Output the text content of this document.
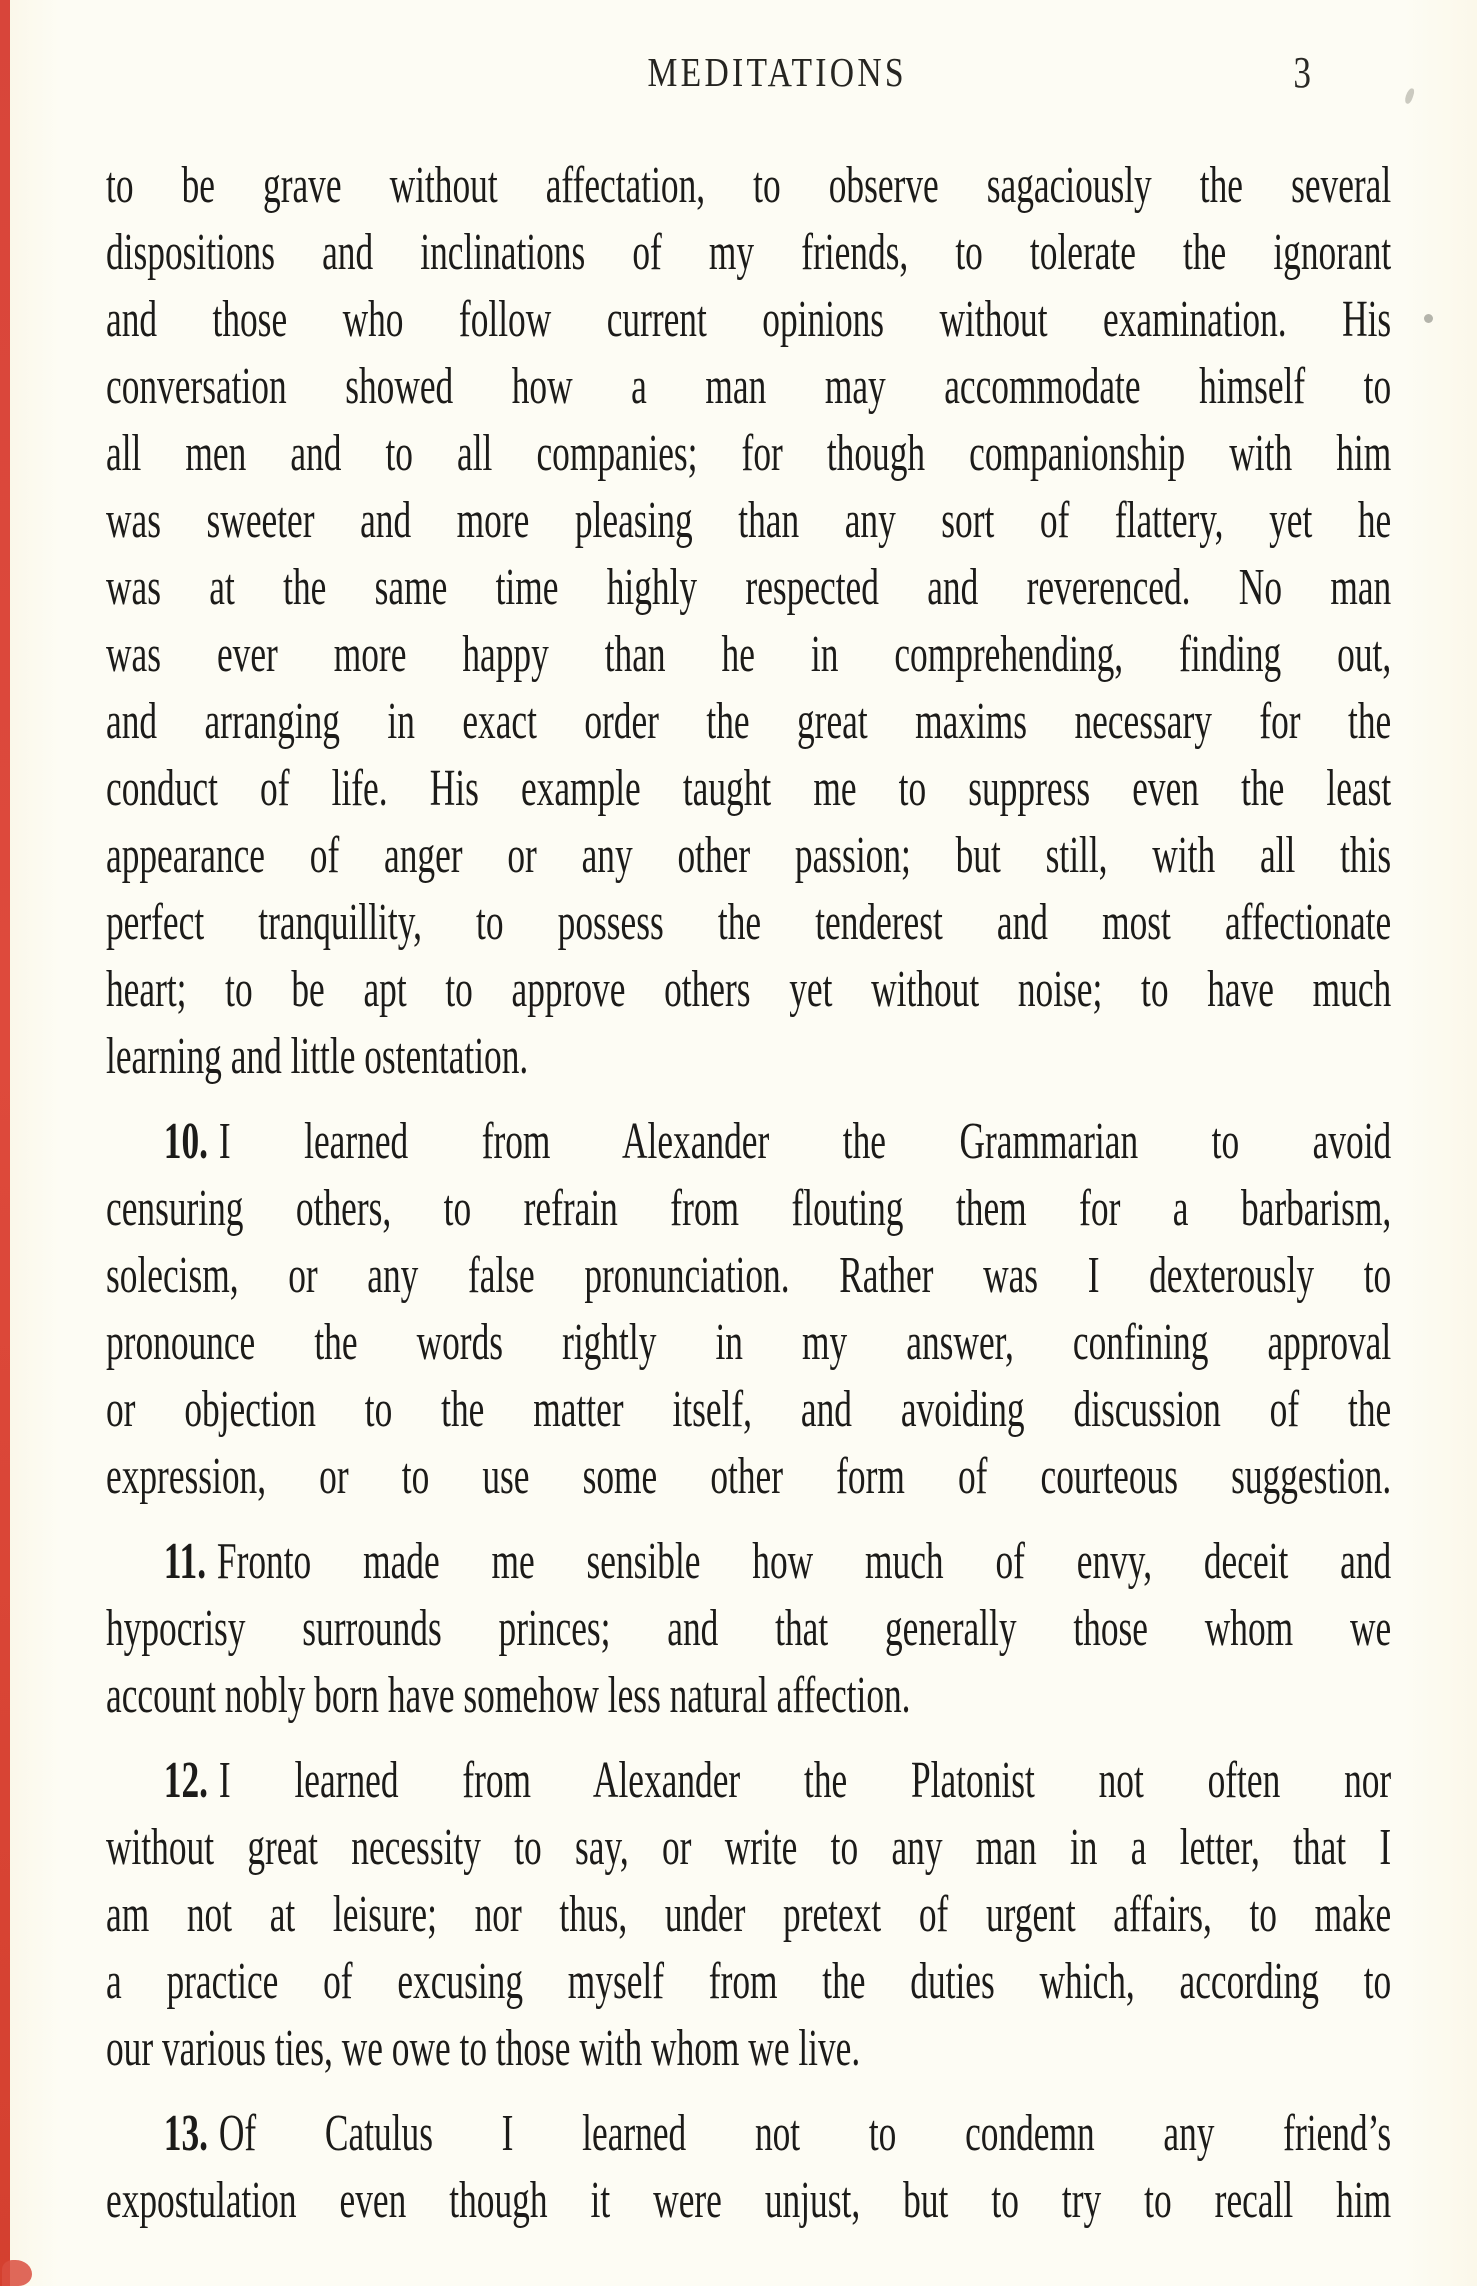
MEDITATIONS	3
to be grave without affectation, to observe sagaciously the several
dispositions and inclinations of my friends, to tolerate the ignorant
and those who follow current opinions without examination. His
conversation showed how a man may accommodate himself to
all men and to all companies; for though companionship with him
was sweeter and more pleasing than any sort of flattery, yet he
was at the same time highly respected and reverenced. No man
was ever more happy than he in comprehending, finding out,
and arranging in exact order the great maxims necessary for the
conduct of life. His example taught me to suppress even the least
appearance of anger or any other passion; but still, with all this
perfect tranquillity, to possess the tenderest and most affectionate
heart; to be apt to approve others yet without noise; to have much
learning and little ostentation.
10. I learned from Alexander the Grammarian to avoid
censuring others, to refrain from flouting them for a barbarism,
solecism, or any false pronunciation. Rather was I dexterously to
pronounce the words rightly in my answer, confining approval
or objection to the matter itself, and avoiding discussion of the
expression, or to use some other form of courteous suggestion.
11. Fronto made me sensible how much of envy, deceit and
hypocrisy surrounds princes; and that generally those whom we
account nobly born have somehow less natural affection.
12. I learned from Alexander the Platonist not often nor
without great necessity to say, or write to any man in a letter, that I
am not at leisure; nor thus, under pretext of urgent affairs, to make
a practice of excusing myself from the duties which, according to
our various ties, we owe to those with whom we live.
13. Of Catulus I learned not to condemn any friend’s
expostulation even though it were unjust, but to try to recall him
